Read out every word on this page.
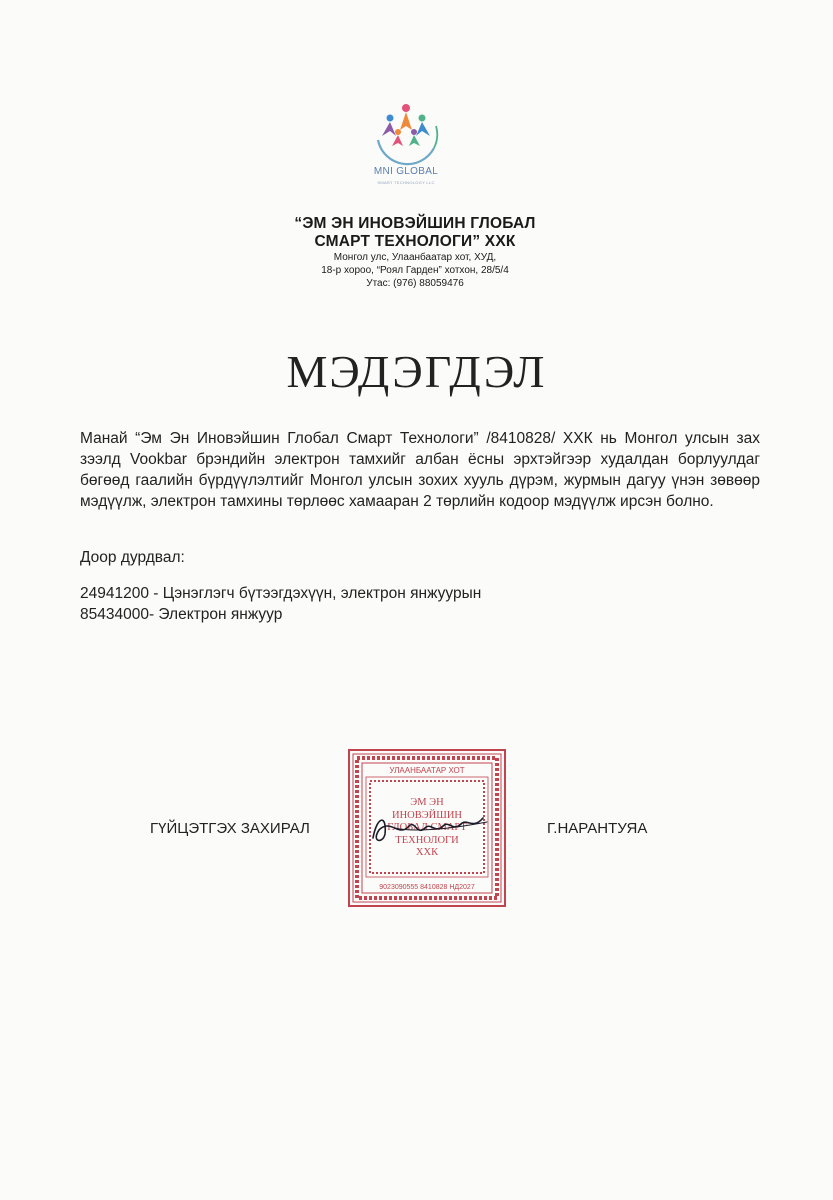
MNI GLOBAL
SMART TECHNOLOGY LLC
“ЭМ ЭН ИНОВЭЙШИН ГЛОБАЛ
СМАРТ ТЕХНОЛОГИ” ХХК
Монгол улс, Улаанбаатар хот, ХУД,
18-р хороо, “Роял Гарден” хотхон, 28/5/4
Утас: (976) 88059476
МЭДЭГДЭЛ
Манай “Эм Эн Иновэйшин Глобал Смарт Технологи” /8410828/ ХХК нь Монгол улсын зах зээлд Vookbar брэндийн электрон тамхийг албан ёсны эрхтэйгээр худалдан борлуулдаг бөгөөд гаалийн бүрдүүлэлтийг Монгол улсын зохих хууль дүрэм, журмын дагуу үнэн зөвөөр мэдүүлж, электрон тамхины төрлөөс хамааран 2 төрлийн кодоор мэдүүлж ирсэн болно.
Доор дурдвал:
24941200 - Цэнэглэгч бүтээгдэхүүн, электрон янжуурын
85434000- Электрон янжуур
ГҮЙЦЭТГЭХ ЗАХИРАЛ	Г.НАРАНТУЯА
УЛААНБААТАР ХОТ
ЭМ ЭН
ИНОВЭЙШИН
ГЛОБАЛ СМАРТ
ТЕХНОЛОГИ
ХХК
9023090555 8410828 НД2027
